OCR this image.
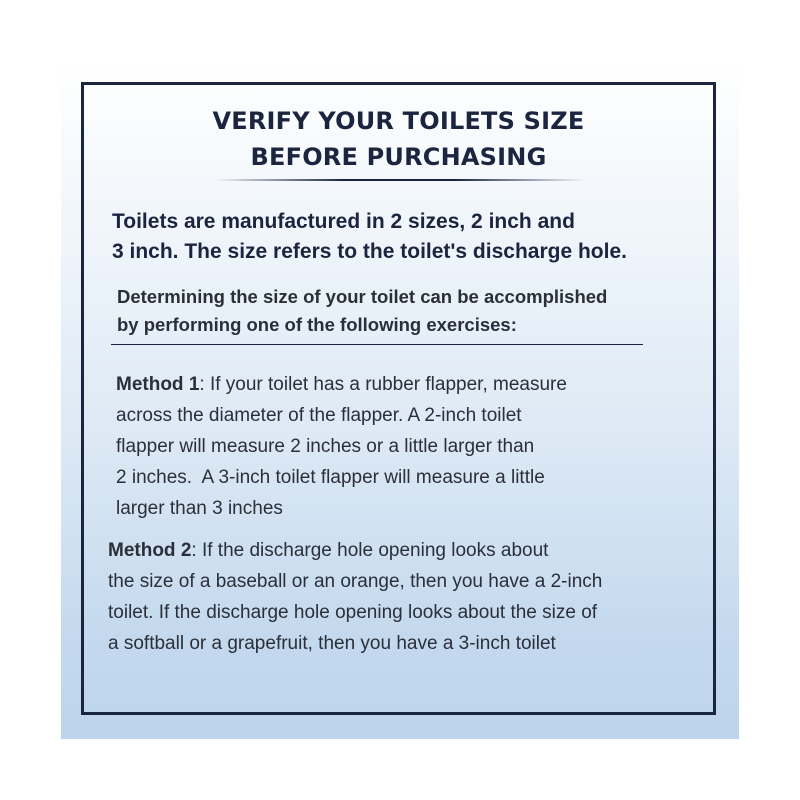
VERIFY YOUR TOILETS SIZE
BEFORE PURCHASING
Toilets are manufactured in 2 sizes, 2 inch and
3 inch. The size refers to the toilet's discharge hole.
Determining the size of your toilet can be accomplished
by performing one of the following exercises:
Method 1: If your toilet has a rubber flapper, measure
across the diameter of the flapper. A 2-inch toilet
flapper will measure 2 inches or a little larger than
2 inches.  A 3-inch toilet flapper will measure a little
larger than 3 inches
Method 2: If the discharge hole opening looks about
the size of a baseball or an orange, then you have a 2-inch
toilet. If the discharge hole opening looks about the size of
a softball or a grapefruit, then you have a 3-inch toilet
